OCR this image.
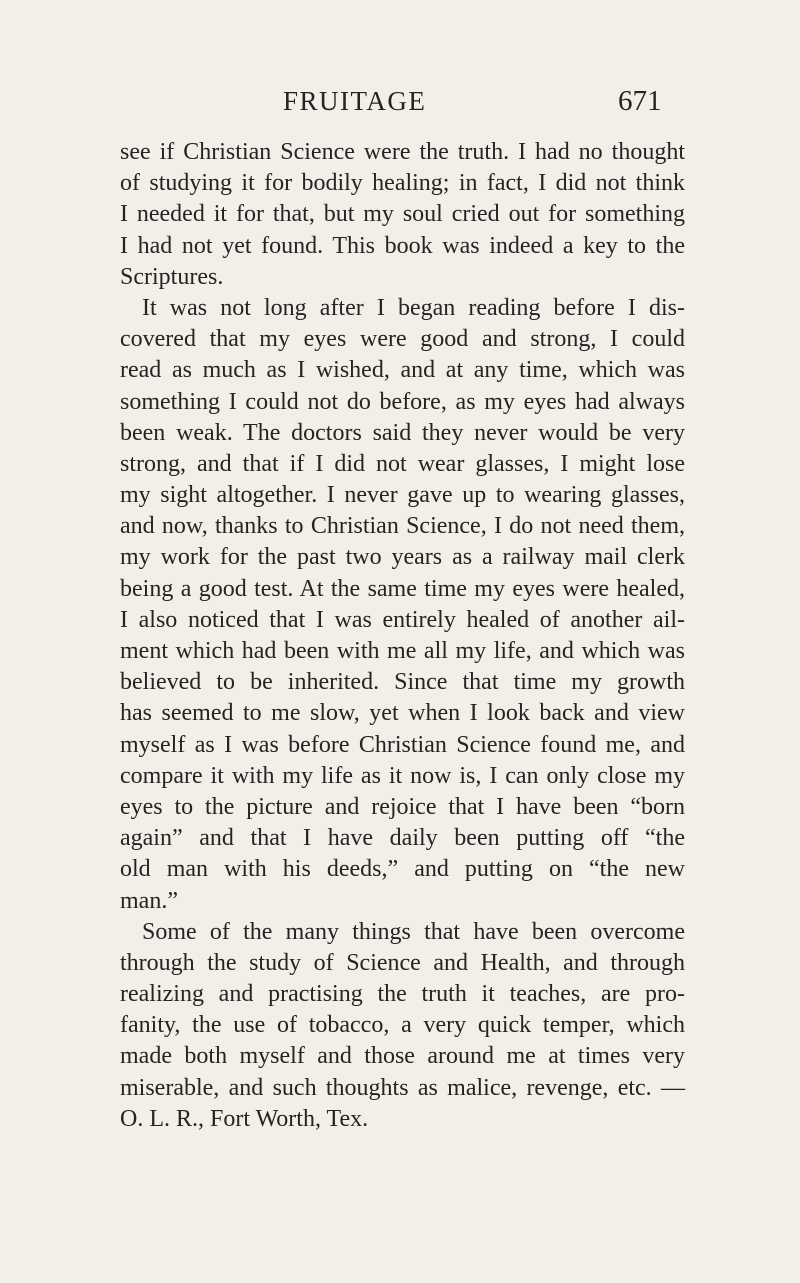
FRUITAGE	671
see if Christian Science were the truth. I had no thought
of studying it for bodily healing; in fact, I did not think
I needed it for that, but my soul cried out for something
I had not yet found. This book was indeed a key to the
Scriptures.
It was not long after I began reading before I dis-
covered that my eyes were good and strong, I could
read as much as I wished, and at any time, which was
something I could not do before, as my eyes had always
been weak. The doctors said they never would be very
strong, and that if I did not wear glasses, I might lose
my sight altogether. I never gave up to wearing glasses,
and now, thanks to Christian Science, I do not need them,
my work for the past two years as a railway mail clerk
being a good test. At the same time my eyes were healed,
I also noticed that I was entirely healed of another ail-
ment which had been with me all my life, and which was
believed to be inherited. Since that time my growth
has seemed to me slow, yet when I look back and view
myself as I was before Christian Science found me, and
compare it with my life as it now is, I can only close my
eyes to the picture and rejoice that I have been “born
again” and that I have daily been putting off “the
old man with his deeds,” and putting on “the new
man.”
Some of the many things that have been overcome
through the study of Science and Health, and through
realizing and practising the truth it teaches, are pro-
fanity, the use of tobacco, a very quick temper, which
made both myself and those around me at times very
miserable, and such thoughts as malice, revenge, etc. —
O. L. R., Fort Worth, Tex.
